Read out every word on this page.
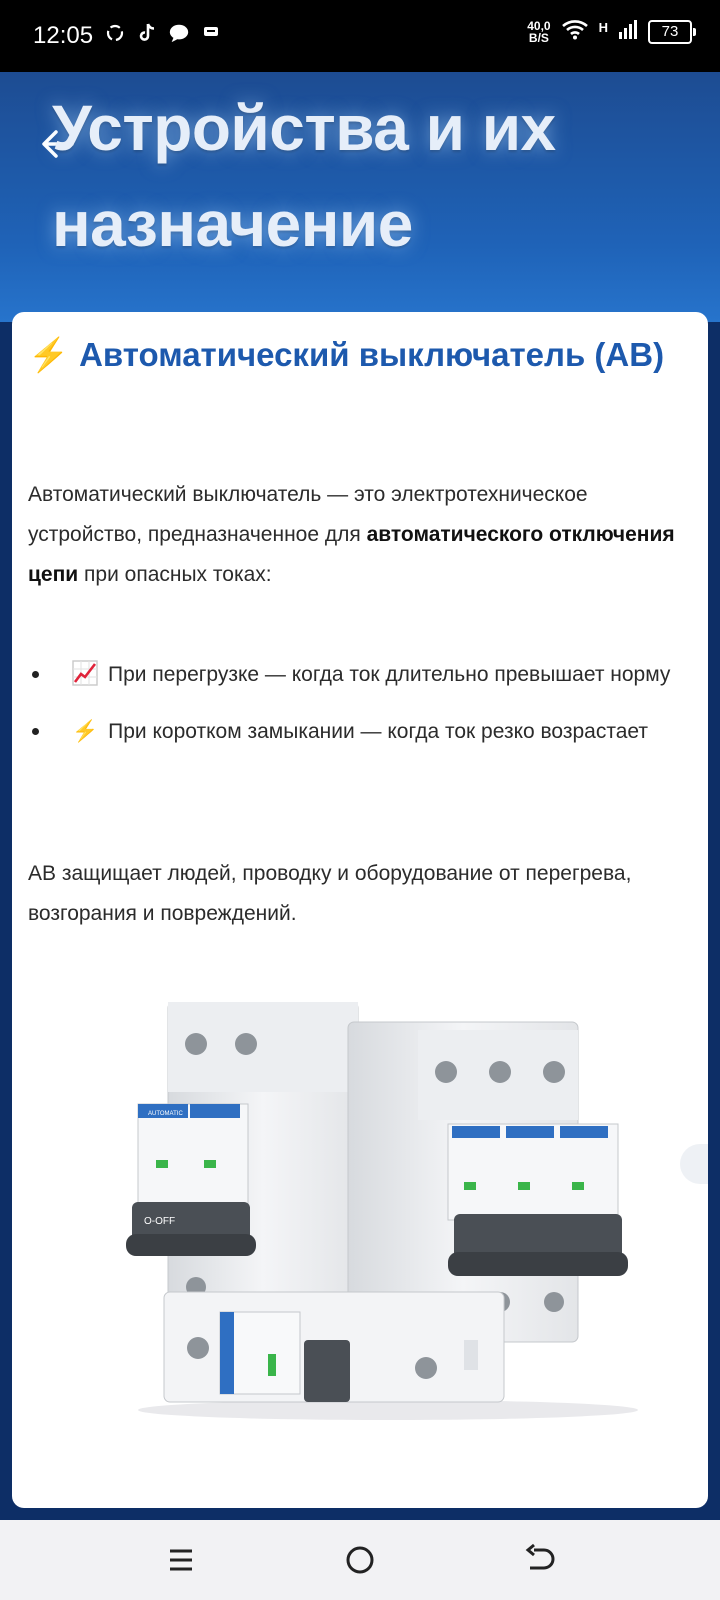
12:05	40,0
B/S
H	73
Устройства и их назначение
⚡ Автоматический выключатель (АВ)
Автоматический выключатель — это электротехническое устройство, предназначенное для автоматического отключения цепи при опасных токах:
При перегрузке — когда ток длительно превышает норму
⚡ При коротком замыкании — когда ток резко возрастает
АВ защищает людей, проводку и оборудование от перегрева, возгорания и повреждений.
AUTOMATIC
O-OFF
